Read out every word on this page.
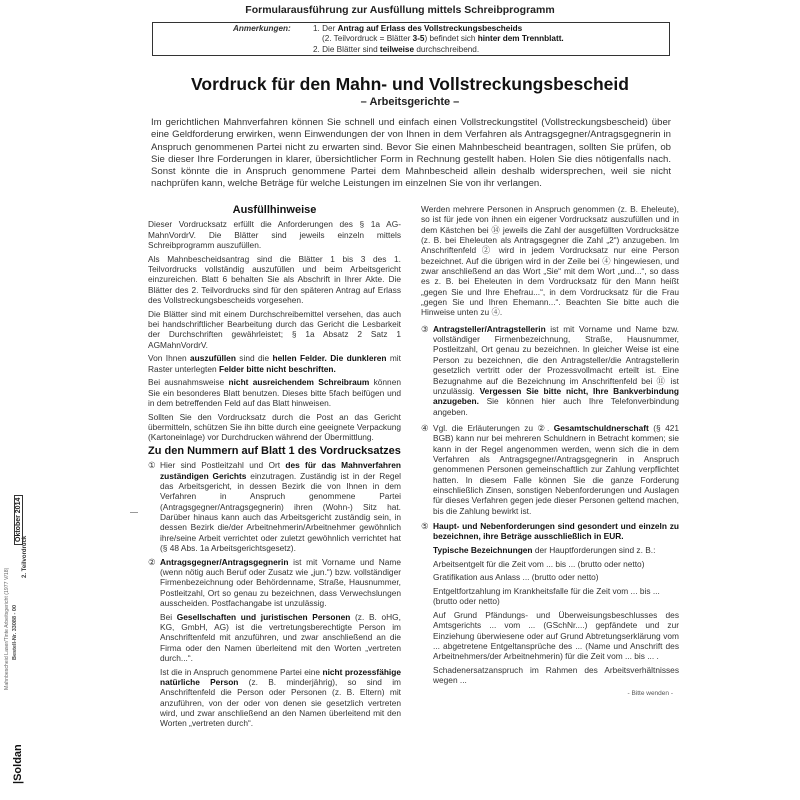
Formularausführung zur Ausfüllung mittels Schreibprogramm
Anmerkungen:	1. Der Antrag auf Erlass des Vollstreckungsbescheids
(2. Teilvordruck = Blätter 3-5) befindet sich hinter dem Trennblatt.
2. Die Blätter sind teilweise durchschreibend.
Vordruck für den Mahn- und Vollstreckungsbescheid
– Arbeitsgerichte –
Im gerichtlichen Mahnverfahren können Sie schnell und einfach einen Vollstreckungstitel (Vollstreckungsbescheid) über eine Geldforderung erwirken, wenn Einwendungen der von Ihnen in dem Verfahren als Antragsgegner/Antragsgegnerin in Anspruch genommenen Partei nicht zu erwarten sind. Bevor Sie einen Mahnbescheid beantragen, sollten Sie prüfen, ob Sie dieser Ihre Forderungen in klarer, übersichtlicher Form in Rechnung gestellt haben. Holen Sie dies nötigenfalls nach. Sonst könnte die in Anspruch genommene Partei dem Mahnbescheid allein deshalb widersprechen, weil sie nicht nachprüfen kann, welche Beträge für welche Leistungen im einzelnen Sie von ihr verlangen.
Ausfüllhinweise

Dieser Vordrucksatz erfüllt die Anforderungen des § 1a AG-MahnVordrV. Die Blätter sind jeweils einzeln mittels Schreibprogramm auszufüllen.

Als Mahnbescheidsantrag sind die Blätter 1 bis 3 des 1. Teilvordrucks vollständig auszufüllen und beim Arbeitsgericht einzureichen. Blatt 6 behalten Sie als Abschrift in Ihrer Akte. Die Blätter des 2. Teilvordrucks sind für den späteren Antrag auf Erlass des Vollstreckungsbescheids vorgesehen.

Die Blätter sind mit einem Durchschreibemittel versehen, das auch bei handschriftlicher Bearbeitung durch das Gericht die Lesbarkeit der Durchschriften gewährleistet; § 1a Absatz 2 Satz 1 AGMahnVordrV.

Von Ihnen auszufüllen sind die hellen Felder. Die dunkleren mit Raster unterlegten Felder bitte nicht beschriften.

Bei ausnahmsweise nicht ausreichendem Schreibraum können Sie ein besonderes Blatt benutzen. Dieses bitte 5fach beifügen und in dem betreffenden Feld auf das Blatt hinweisen.

Sollten Sie den Vordrucksatz durch die Post an das Gericht übermitteln, schützen Sie ihn bitte durch eine geeignete Verpackung (Kartoneinlage) vor Durchdrucken während der Übermittlung.

Zu den Nummern auf Blatt 1 des Vordrucksatzes

① Hier sind Postleitzahl und Ort des für das Mahnverfahren zuständigen Gerichts einzutragen. Zuständig ist in der Regel das Arbeitsgericht, in dessen Bezirk die von Ihnen in dem Verfahren in Anspruch genommene Partei (Antragsgegner/Antragsgegnerin) ihren (Wohn-) Sitz hat. Darüber hinaus kann auch das Arbeitsgericht zuständig sein, in dessen Bezirk die/der Arbeitnehmerin/Arbeitnehmer gewöhnlich ihre/seine Arbeit verrichtet oder zuletzt gewöhnlich verrichtet hat (§ 48 Abs. 1a Arbeitsgerichtsgesetz).

② Antragsgegner/Antragsgegnerin ist mit Vorname und Name (wenn nötig auch Beruf oder Zusatz wie „jun.“) bzw. vollständiger Firmenbezeichnung oder Behördenname, Straße, Hausnummer, Postleitzahl, Ort so genau zu bezeichnen, dass Verwechslungen ausscheiden. Postfachangabe ist unzulässig.

Bei Gesellschaften und juristischen Personen (z. B. oHG, KG, GmbH, AG) ist die vertretungsberechtigte Person im Anschriftenfeld mit anzuführen, und zwar anschließend an die Firma oder den Namen überleitend mit den Worten „vertreten durch...“.

Ist die in Anspruch genommene Partei eine nicht prozessfähige natürliche Person (z. B. minderjährig), so sind im Anschriftenfeld die Person oder Personen (z. B. Eltern) mit anzuführen, von der oder von denen sie gesetzlich vertreten wird, und zwar anschließend an den Namen überleitend mit den Worten „vertreten durch“.

Werden mehrere Personen in Anspruch genommen (z. B. Eheleute), so ist für jede von ihnen ein eigener Vordrucksatz auszufüllen und in dem Kästchen bei ⑭ jeweils die Zahl der ausgefüllten Vordrucksätze (z. B. bei Eheleuten als Antragsgegner die Zahl „2“) anzugeben. Im Anschriftenfeld ② wird in jedem Vordrucksatz nur eine Person bezeichnet. Auf die übrigen wird in der Zeile bei ④ hingewiesen, und zwar anschließend an das Wort „Sie“ mit dem Wort „und...“, so dass es z. B. bei Eheleuten in dem Vordrucksatz für den Mann heißt „gegen Sie und Ihre Ehefrau...“, in dem Vordrucksatz für die Frau „gegen Sie und Ihren Ehemann...“. Beachten Sie bitte auch die Hinweise unten zu ④.

③ Antragsteller/Antragstellerin ist mit Vorname und Name bzw. vollständiger Firmenbezeichnung, Straße, Hausnummer, Postleitzahl, Ort genau zu bezeichnen. In gleicher Weise ist eine Person zu bezeichnen, die den Antragsteller/die Antragstellerin gesetzlich vertritt oder der Prozessvollmacht erteilt ist. Eine Bezugnahme auf die Bezeichnung im Anschriftenfeld bei ⑪ ist unzulässig. Vergessen Sie bitte nicht, Ihre Bankverbindung anzugeben. Sie können hier auch Ihre Telefonverbindung angeben.

④ Vgl. die Erläuterungen zu ②. Gesamtschuldnerschaft (§ 421 BGB) kann nur bei mehreren Schuldnern in Betracht kommen; sie kann in der Regel angenommen werden, wenn sich die in dem Verfahren als Antragsgegner/Antragsgegnerin in Anspruch genommenen Personen gemeinschaftlich zur Zahlung verpflichtet hatten. In diesem Falle können Sie die ganze Forderung einschließlich Zinsen, sonstigen Nebenforderungen und Auslagen für dieses Verfahren gegen jede dieser Personen geltend machen, bis die Zahlung bewirkt ist.

⑤ Haupt- und Nebenforderungen sind gesondert und einzeln zu bezeichnen, ihre Beträge ausschließlich in EUR.

Typische Bezeichnungen der Hauptforderungen sind z. B.:

Arbeitsentgelt für die Zeit vom ... bis ... (brutto oder netto)

Gratifikation aus Anlass ... (brutto oder netto)

Entgeltfortzahlung im Krankheitsfalle für die Zeit vom ... bis ... (brutto oder netto)

Auf Grund Pfändungs- und Überweisungsbeschlusses des Amtsgerichts ... vom ... (GSchNr....) gepfändete und zur Einziehung überwiesene oder auf Grund Abtretungserklärung vom ... abgetretene Entgeltansprüche des ... (Name und Anschrift des Arbeitnehmers/der Arbeitnehmerin) für die Zeit vom ... bis ... .

Schadenersatzanspruch im Rahmen des Arbeitsverhältnisses wegen ...

- Bitte wenden -
Oktober 2014
2. Teilvordruck
Mahnbescheid Laser/Tinte Arbeitsgericht (1977 V/18) Bestell-Nr. 33088 - 00
|Soldan
